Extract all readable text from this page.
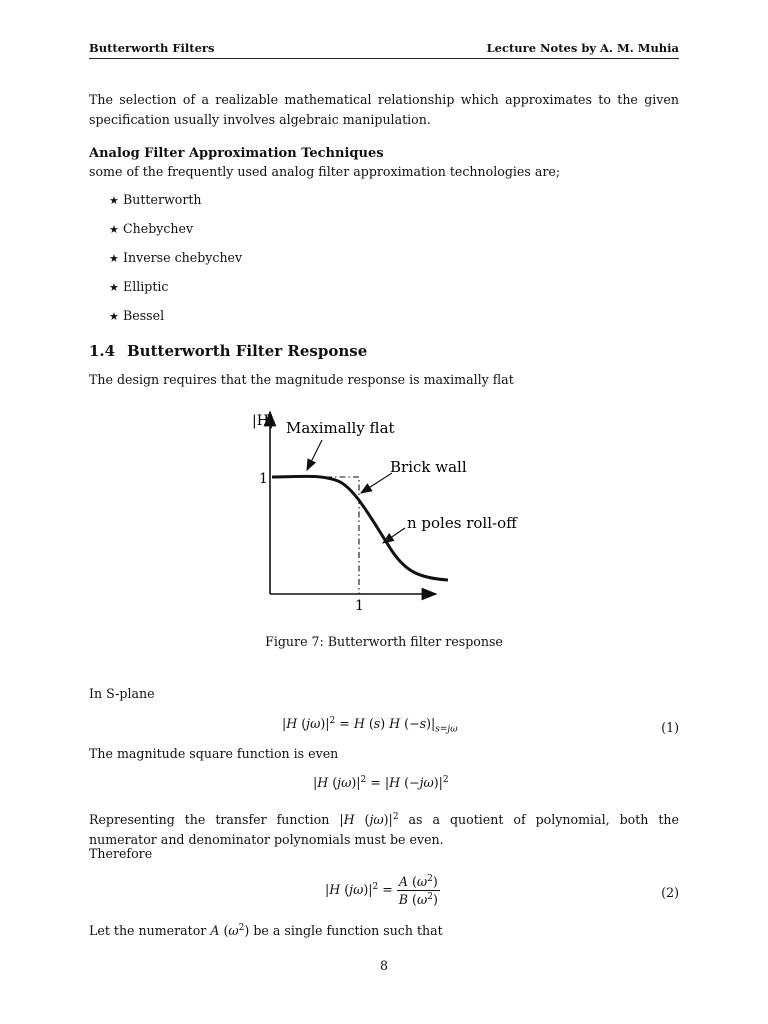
Butterworth Filters	Lecture Notes by A. M. Muhia
The selection of a realizable mathematical relationship which approximates to the given specification usually involves algebraic manipulation.
Analog Filter Approximation Techniques
some of the frequently used analog filter approximation technologies are;
★ Butterworth
★ Chebychev
★ Inverse chebychev
★ Elliptic
★ Bessel
1.4 Butterworth Filter Response
The design requires that the magnitude response is maximally flat
|H| Maximally flat
Brick wall
n poles roll-off
1
1
Figure 7: Butterworth filter response
In S-plane
|H $(j\omega)|^2 = H$ (s) H $(-s)|_{s=j\omega}$	(1)
The magnitude square function is even
|H $(j\omega)|^2 = |H$ $(-j\omega)|^2$
Representing the transfer function |H $(j\omega)|^2$ as a quotient of polynomial, both the numerator and denominator polynomials must be even.
Therefore
|H $(j\omega)|^2 = \frac{A (\omega^2)}{B (\omega^2)}$	(2)
Let the numerator A $(\omega^2)$ be a single function such that
8
